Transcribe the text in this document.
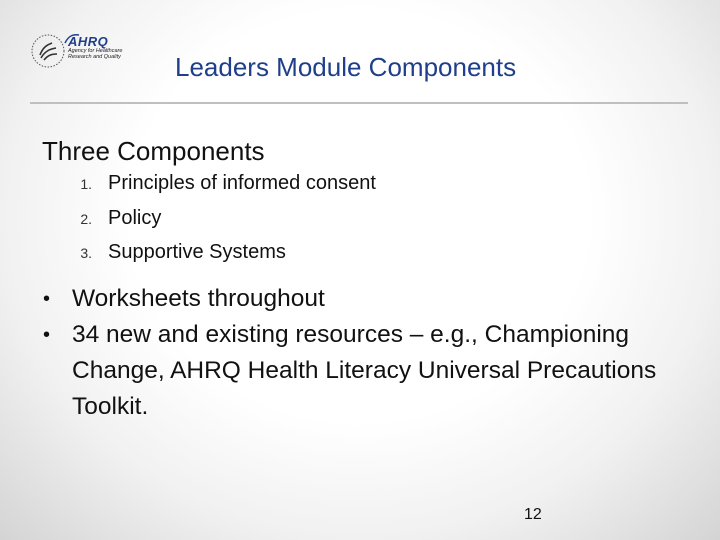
AHRQ
Agency for Healthcare
Research and Quality	Leaders Module Components
Three Components
1. Principles of informed consent
2. Policy
3. Supportive Systems
• Worksheets throughout
• 34 new and existing resources – e.g., Championing Change, AHRQ Health Literacy Universal Precautions Toolkit.
12
